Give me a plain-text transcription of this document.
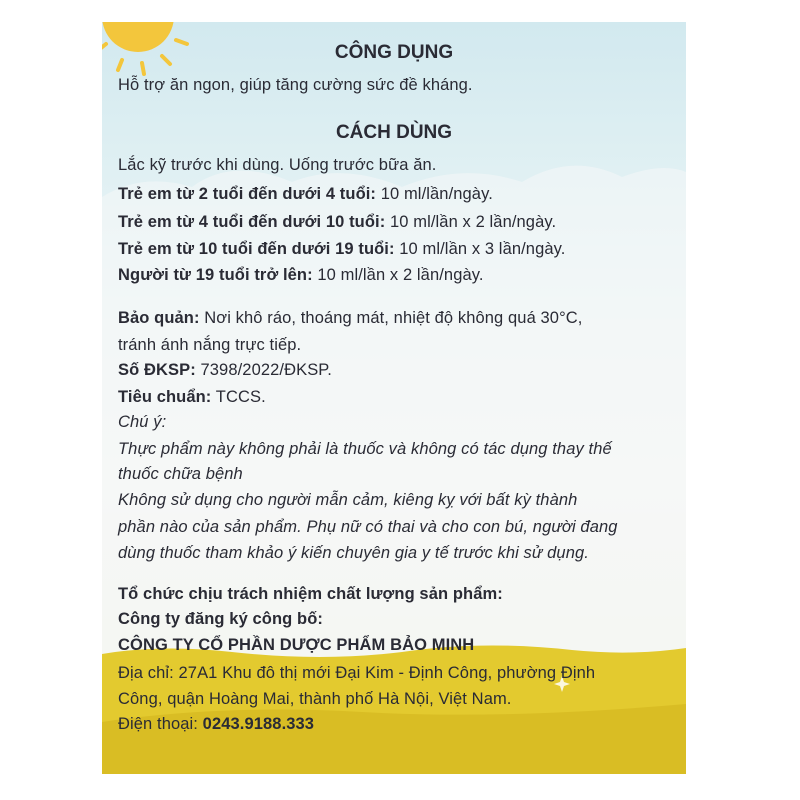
CÔNG DỤNG
Hỗ trợ ăn ngon, giúp tăng cường sức đề kháng.
CÁCH DÙNG
Lắc kỹ trước khi dùng. Uống trước bữa ăn.
Trẻ em từ 2 tuổi đến dưới 4 tuổi: 10 ml/lần/ngày.
Trẻ em từ 4 tuổi đến dưới 10 tuổi: 10 ml/lần x 2 lần/ngày.
Trẻ em từ 10 tuổi đến dưới 19 tuổi: 10 ml/lần x 3 lần/ngày.
Người từ 19 tuổi trở lên: 10 ml/lần x 2 lần/ngày.
Bảo quản: Nơi khô ráo, thoáng mát, nhiệt độ không quá 30°C,
tránh ánh nắng trực tiếp.
Số ĐKSP: 7398/2022/ĐKSP.
Tiêu chuẩn: TCCS.
Chú ý:
Thực phẩm này không phải là thuốc và không có tác dụng thay thế
thuốc chữa bệnh
Không sử dụng cho người mẫn cảm, kiêng kỵ với bất kỳ thành
phần nào của sản phẩm. Phụ nữ có thai và cho con bú, người đang
dùng thuốc tham khảo ý kiến chuyên gia y tế trước khi sử dụng.
Tổ chức chịu trách nhiệm chất lượng sản phẩm:
Công ty đăng ký công bố:
CÔNG TY CỔ PHẦN DƯỢC PHẨM BẢO MINH
Địa chỉ: 27A1 Khu đô thị mới Đại Kim - Định Công, phường Định
Công, quận Hoàng Mai, thành phố Hà Nội, Việt Nam.
Điện thoại: 0243.9188.333
